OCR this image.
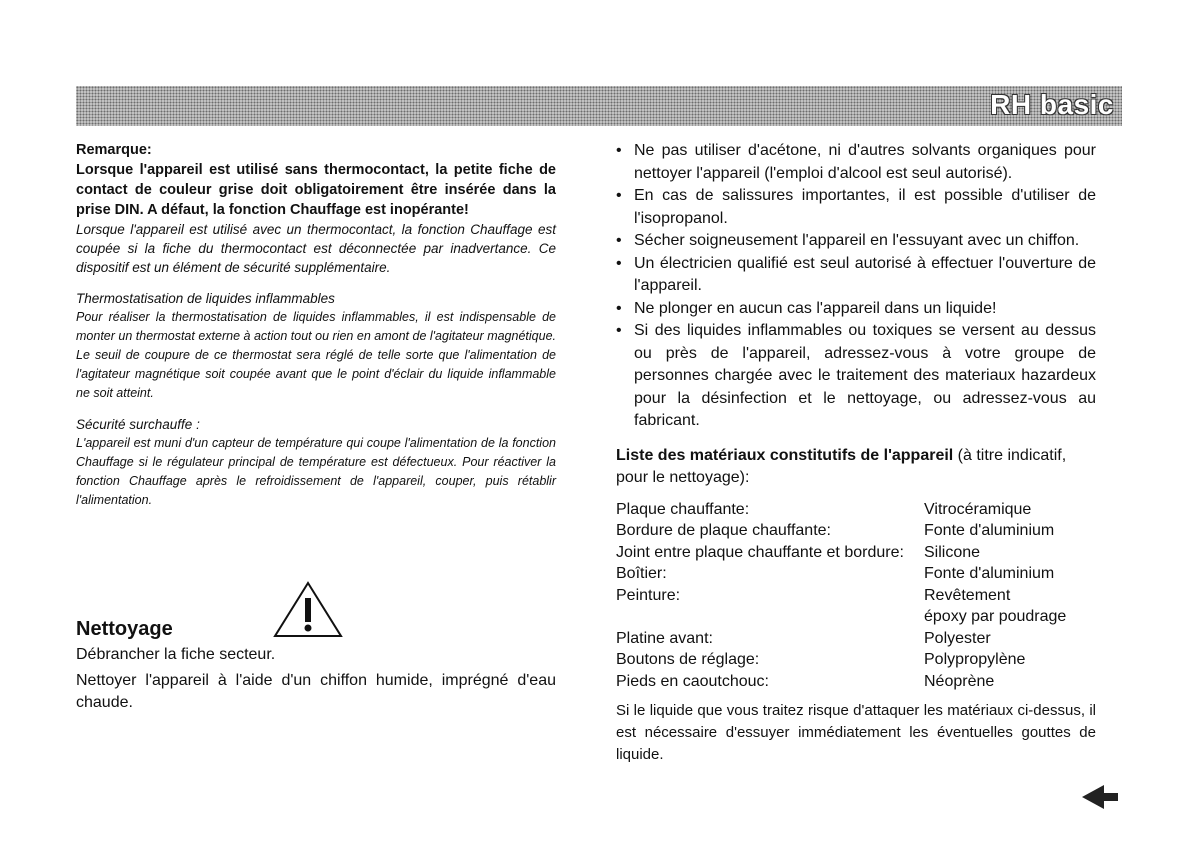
RH basic
Remarque:
Lorsque l'appareil est utilisé sans thermocontact, la petite fiche de contact de couleur grise doit obligatoirement être insérée dans la prise DIN. A défaut, la fonction Chauffage est inopérante!
Lorsque l'appareil est utilisé avec un thermocontact, la fonction Chauffage est coupée si la fiche du thermocontact est déconnectée par inadvertance. Ce dispositif est un élément de sécurité supplémentaire.
Thermostatisation de liquides inflammables
Pour réaliser la thermostatisation de liquides inflammables, il est indispensable de monter un thermostat externe à action tout ou rien en amont de l'agitateur magnétique. Le seuil de coupure de ce thermostat sera réglé de telle sorte que l'alimentation de l'agitateur magnétique soit coupée avant que le point d'éclair du liquide inflammable ne soit atteint.
Sécurité surchauffe :
L'appareil est muni d'un capteur de température qui coupe l'alimentation de la fonction Chauffage si le régulateur principal de température est défectueux. Pour réactiver la fonction Chauffage après le refroidissement de l'appareil, couper, puis rétablir l'alimentation.
Nettoyage
Débrancher la fiche secteur.
Nettoyer l'appareil à l'aide d'un chiffon humide, imprégné d'eau chaude.
• Ne pas utiliser d'acétone, ni d'autres solvants organiques pour nettoyer l'appareil (l'emploi d'alcool est seul autorisé).
• En cas de salissures importantes, il est possible d'utiliser de l'isopropanol.
• Sécher soigneusement l'appareil en l'essuyant avec un chiffon.
• Un électricien qualifié est seul autorisé à effectuer l'ouverture de l'appareil.
• Ne plonger en aucun cas l'appareil dans un liquide!
• Si des liquides inflammables ou toxiques se versent au dessus ou près de l'appareil, adressez-vous à votre groupe de personnes chargée avec le traitement des materiaux hazardeux pour la désinfection et le nettoyage, ou adressez-vous au fabricant.
Liste des matériaux constitutifs de l'appareil (à titre indicatif, pour le nettoyage):
Plaque chauffante:	Vitrocéramique
Bordure de plaque chauffante:	Fonte d'aluminium
Joint entre plaque chauffante et bordure:	Silicone
Boîtier:	Fonte d'aluminium
Peinture:	Revêtement
époxy par poudrage
Platine avant:	Polyester
Boutons de réglage:	Polypropylène
Pieds en caoutchouc:	Néoprène
Si le liquide que vous traitez risque d'attaquer les matériaux ci-dessus, il est nécessaire d'essuyer immédiatement les éventuelles gouttes de liquide.
